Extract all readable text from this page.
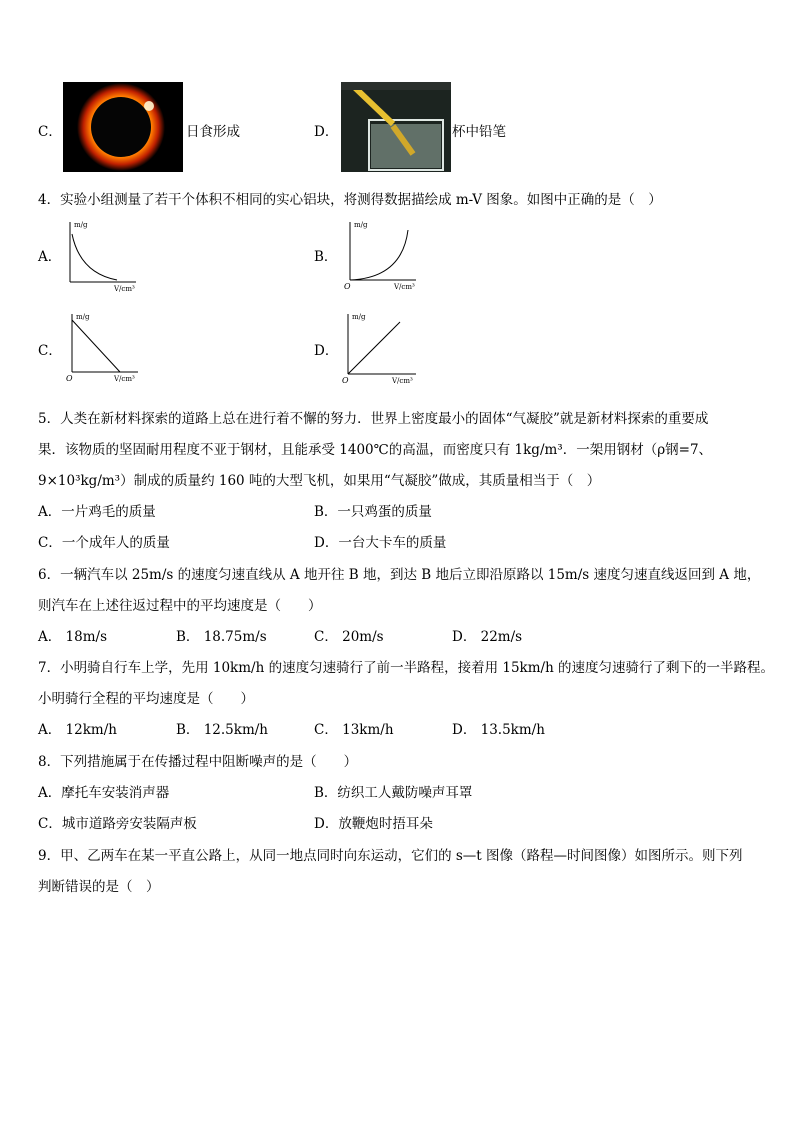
C．	日食形成	D．	杯中铅笔
4．实验小组测量了若干个体积不相同的实心铝块，将测得数据描绘成 m-V 图象。如图中正确的是（　）
A．
m/g
V/cm³
B．
m/g
O	V/cm³
C．
m/g
O	V/cm³
D．
m/g
O	V/cm³
5．人类在新材料探索的道路上总在进行着不懈的努力．世界上密度最小的固体“气凝胶”就是新材料探索的重要成
果．该物质的坚固耐用程度不亚于钢材，且能承受 1400℃的高温，而密度只有 1kg/m³．一架用钢材（ρ钢=7、
9×10³kg/m³）制成的质量约 160 吨的大型飞机，如果用“气凝胶”做成，其质量相当于（　）
A．一片鸡毛的质量	B．一只鸡蛋的质量
C．一个成年人的质量	D．一台大卡车的质量
6．一辆汽车以 25m/s 的速度匀速直线从 A 地开往 B 地，到达 B 地后立即沿原路以 15m/s 速度匀速直线返回到 A 地，
则汽车在上述往返过程中的平均速度是（　　）
A． 18m/s	B． 18.75m/s	C． 20m/s	D． 22m/s
7．小明骑自行车上学，先用 10km/h 的速度匀速骑行了前一半路程，接着用 15km/h 的速度匀速骑行了剩下的一半路程。
小明骑行全程的平均速度是（　　）
A． 12km/h	B． 12.5km/h	C． 13km/h	D． 13.5km/h
8．下列措施属于在传播过程中阻断噪声的是（　　）
A．摩托车安装消声器	B．纺织工人戴防噪声耳罩
C．城市道路旁安装隔声板	D．放鞭炮时捂耳朵
9．甲、乙两车在某一平直公路上，从同一地点同时向东运动，它们的 s—t 图像（路程—时间图像）如图所示。则下列
判断错误的是（　）
